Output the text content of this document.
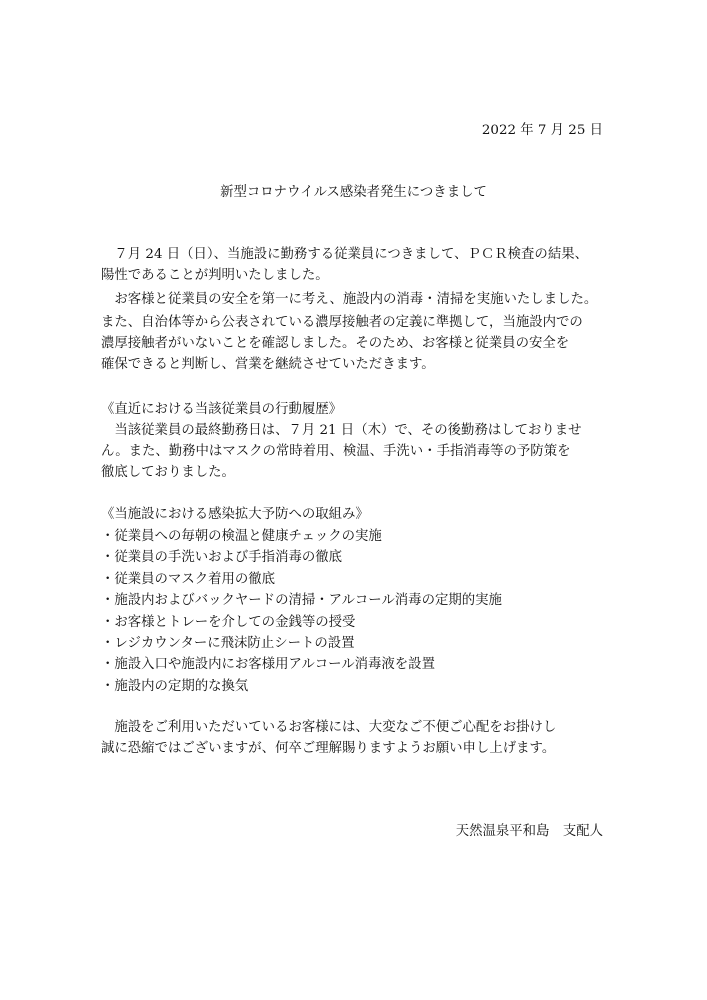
2022 年 7 月 25 日
新型コロナウイルス感染者発生につきまして
　７月 24 日（日）、当施設に勤務する従業員につきまして、ＰＣＲ検査の結果、
陽性であることが判明いたしました。
　お客様と従業員の安全を第一に考え、施設内の消毒・清掃を実施いたしました。
また、自治体等から公表されている濃厚接触者の定義に準拠して，当施設内での
濃厚接触者がいないことを確認しました。そのため、お客様と従業員の安全を
確保できると判断し、営業を継続させていただきます。
《直近における当該従業員の行動履歴》
　当該従業員の最終勤務日は、７月 21 日（木）で、その後勤務はしておりませ
ん。また、勤務中はマスクの常時着用、検温、手洗い・手指消毒等の予防策を
徹底しておりました。
《当施設における感染拡大予防への取組み》
・従業員への毎朝の検温と健康チェックの実施
・従業員の手洗いおよび手指消毒の徹底
・従業員のマスク着用の徹底
・施設内およびバックヤードの清掃・アルコール消毒の定期的実施
・お客様とトレーを介しての金銭等の授受
・レジカウンターに飛沫防止シートの設置
・施設入口や施設内にお客様用アルコール消毒液を設置
・施設内の定期的な換気
　施設をご利用いただいているお客様には、大変なご不便ご心配をお掛けし
誠に恐縮ではございますが、何卒ご理解賜りますようお願い申し上げます。
天然温泉平和島　支配人
